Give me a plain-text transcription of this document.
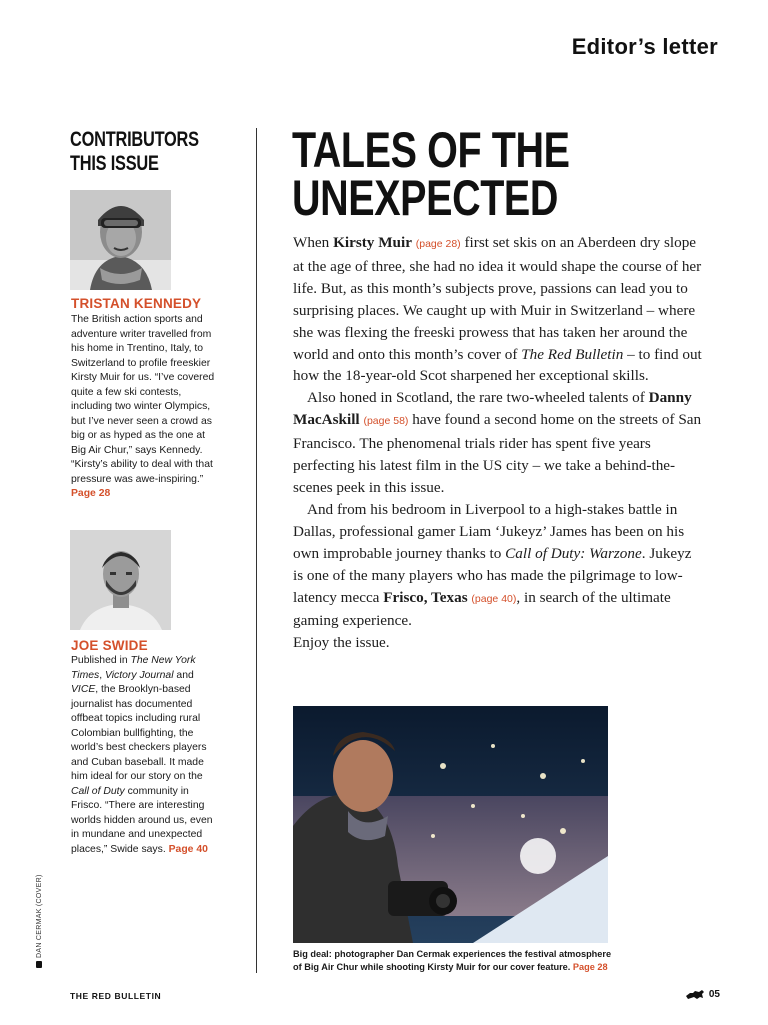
Editor’s letter
CONTRIBUTORS
THIS ISSUE
TRISTAN KENNEDY
The British action sports and adventure writer travelled from his home in Trentino, Italy, to Switzerland to profile freeskier Kirsty Muir for us. “I’ve covered quite a few ski contests, including two winter Olympics, but I’ve never seen a crowd as big or as hyped as the one at Big Air Chur,” says Kennedy. “Kirsty’s ability to deal with that pressure was awe-inspiring.” Page 28
JOE SWIDE
Published in The New York Times, Victory Journal and VICE, the Brooklyn-based journalist has documented offbeat topics including rural Colombian bullfighting, the world’s best checkers players and Cuban baseball. It made him ideal for our story on the Call of Duty community in Frisco. “There are interesting worlds hidden around us, even in mundane and unexpected places,” Swide says. Page 40
TALES OF THE
UNEXPECTED

When Kirsty Muir (page 28) first set skis on an Aberdeen dry slope at the age of three, she had no idea it would shape the course of her life. But, as this month’s subjects prove, passions can lead you to surprising places. We caught up with Muir in Switzerland – where she was flexing the freeski prowess that has taken her around the world and onto this month’s cover of The Red Bulletin – to find out how the 18-year-old Scot sharpened her exceptional skills.

Also honed in Scotland, the rare two-wheeled talents of Danny MacAskill (page 58) have found a second home on the streets of San Francisco. The phenomenal trials rider has spent five years perfecting his latest film in the US city – we take a behind-the-scenes peek in this issue.

And from his bedroom in Liverpool to a high-stakes battle in Dallas, professional gamer Liam ‘Jukeyz’ James has been on his own improbable journey thanks to Call of Duty: Warzone. Jukeyz is one of the many players who has made the pilgrimage to low-latency mecca Frisco, Texas (page 40), in search of the ultimate gaming experience.

Enjoy the issue.

Big deal: photographer Dan Cermak experiences the festival atmosphere of Big Air Chur while shooting Kirsty Muir for our cover feature. Page 28
DAN CERMAK (COVER)
THE RED BULLETIN	05
